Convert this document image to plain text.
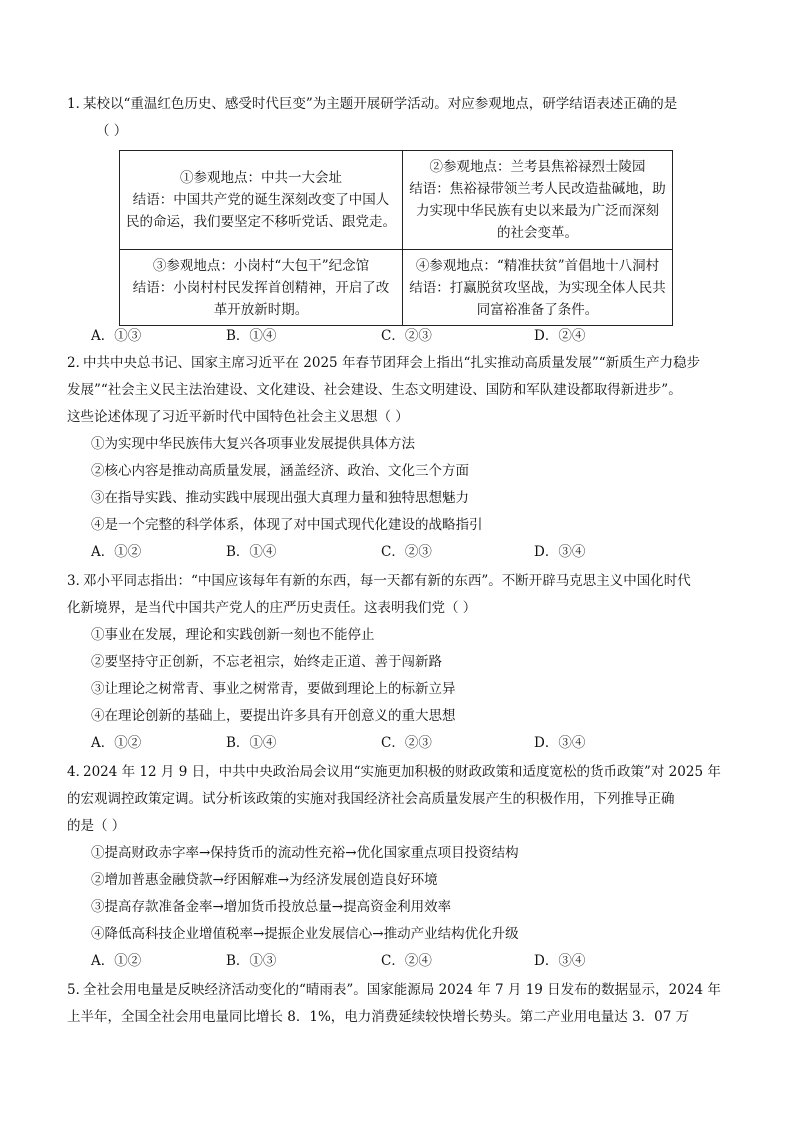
1．
某校以“重温红色历史、感受时代巨变”为主题开展研学活动。对应参观地点，研学结语表述正确的是
（ ）
①参观地点：中共一大会址
结语：中国共产党的诞生深刻改变了中国人
民的命运，我们要坚定不移听党话、跟党走。	②参观地点：兰考县焦裕禄烈士陵园
结语：焦裕禄带领兰考人民改造盐碱地，助
力实现中华民族有史以来最为广泛而深刻
的社会变革。

③参观地点：小岗村“大包干”纪念馆
结语：小岗村村民发挥首创精神，开启了改
革开放新时期。	④参观地点：“精准扶贫”首倡地十八洞村
结语：打赢脱贫攻坚战，为实现全体人民共
同富裕准备了条件。
A．①③	B．①④	C．②③	D．②④
2．
中共中央总书记、国家主席习近平在 2025 年春节团拜会上指出“扎实推动高质量发展”“新质生产力稳步
发展”“社会主义民主法治建设、文化建设、社会建设、生态文明建设、国防和军队建设都取得新进步”。
这些论述体现了习近平新时代中国特色社会主义思想（ ）
①为实现中华民族伟大复兴各项事业发展提供具体方法
②核心内容是推动高质量发展，涵盖经济、政治、文化三个方面
③在指导实践、推动实践中展现出强大真理力量和独特思想魅力
④是一个完整的科学体系，体现了对中国式现代化建设的战略指引
A．①②	B．①④	C．②③	D．③④
3．
邓小平同志指出：“中国应该每年有新的东西，每一天都有新的东西”。不断开辟马克思主义中国化时代
化新境界，是当代中国共产党人的庄严历史责任。这表明我们党（ ）
①事业在发展，理论和实践创新一刻也不能停止
②要坚持守正创新，不忘老祖宗，始终走正道、善于闯新路
③让理论之树常青、事业之树常青，要做到理论上的标新立异
④在理论创新的基础上，要提出许多具有开创意义的重大思想
A．①②	B．①④	C．②③	D．③④
4．
2024 年 12 月 9 日，中共中央政治局会议用“实施更加积极的财政政策和适度宽松的货币政策”对 2025 年
的宏观调控政策定调。试分析该政策的实施对我国经济社会高质量发展产生的积极作用，下列推导正确
的是（ ）
①提高财政赤字率→保持货币的流动性充裕→优化国家重点项目投资结构
②增加普惠金融贷款→纾困解难→为经济发展创造良好环境
③提高存款准备金率→增加货币投放总量→提高资金利用效率
④降低高科技企业增值税率→提振企业发展信心→推动产业结构优化升级
A．①②	B．①③	C．②④	D．③④
5．
全社会用电量是反映经济活动变化的“晴雨表”。国家能源局 2024 年 7 月 19 日发布的数据显示，2024 年
上半年，全国全社会用电量同比增长 8．1%，电力消费延续较快增长势头。第二产业用电量达 3．07 万
